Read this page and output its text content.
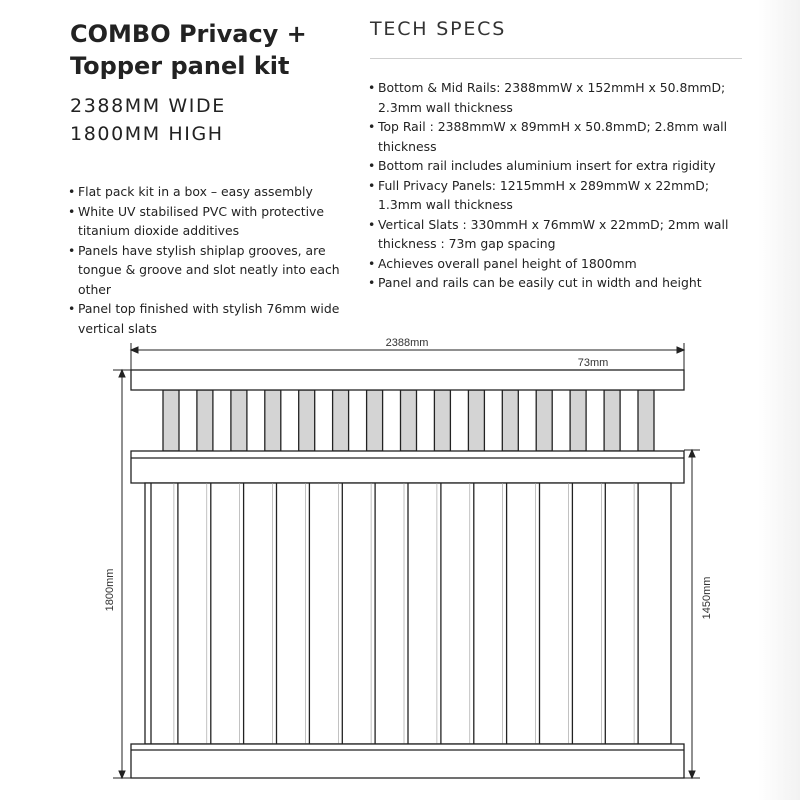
COMBO Privacy +
Topper panel kit
2388MM WIDE
1800MM HIGH
• Flat pack kit in a box – easy assembly
• White UV stabilised PVC with protective titanium dioxide additives
• Panels have stylish shiplap grooves, are tongue & groove and slot neatly into each other
• Panel top finished with stylish 76mm wide vertical slats
TECH SPECS
• Bottom & Mid Rails: 2388mmW x 152mmH x 50.8mmD; 2.3mm wall thickness
• Top Rail : 2388mmW x 89mmH x 50.8mmD; 2.8mm wall thickness
• Bottom rail includes aluminium insert for extra rigidity
• Full Privacy Panels: 1215mmH x 289mmW x 22mmD; 1.3mm wall thickness
• Vertical Slats : 330mmH x 76mmW x 22mmD; 2mm wall thickness : 73m gap spacing
• Achieves overall panel height of 1800mm
• Panel and rails can be easily cut in width and height
2388mm
73mm
1800mm	1450mm
